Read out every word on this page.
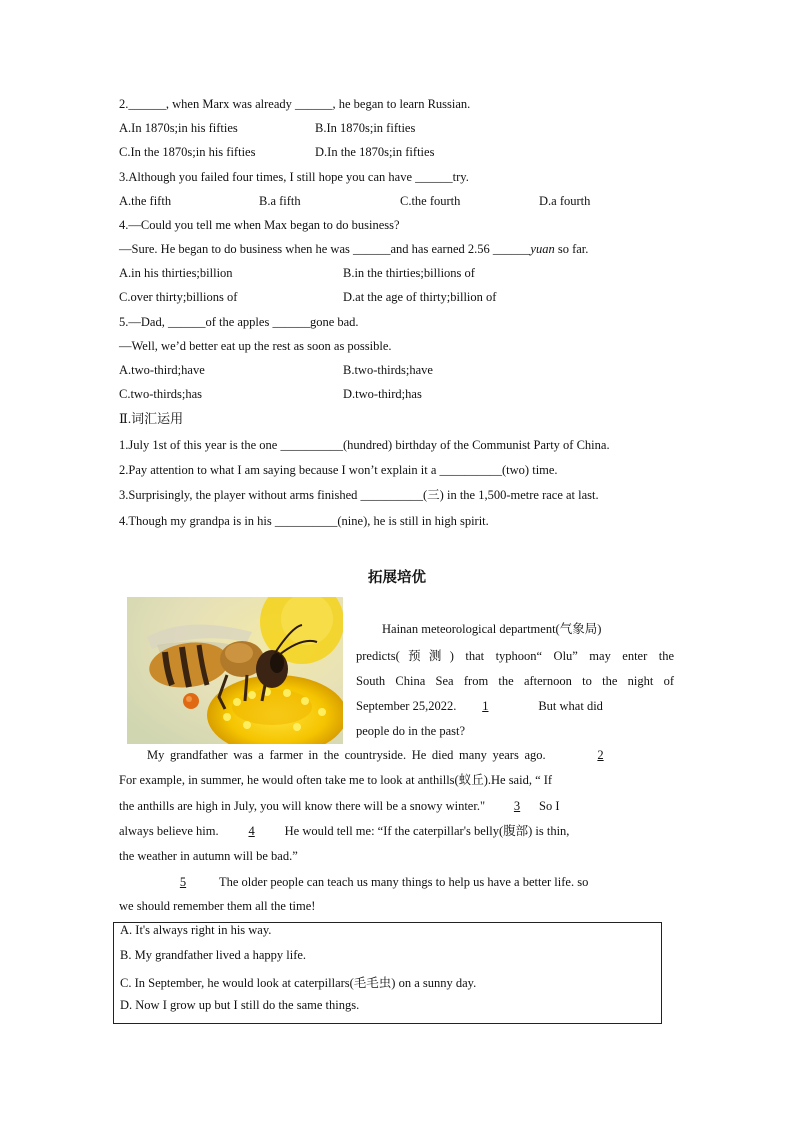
2.______, when Marx was already ______, he began to learn Russian.
A.In 1870s;in his fifties	B.In 1870s;in fifties
C.In the 1870s;in his fifties	D.In the 1870s;in fifties
3.Although you failed four times, I still hope you can have ______try.
A.the fifth	B.a fifth	C.the fourth	D.a fourth
4.—Could you tell me when Max began to do business?
—Sure. He began to do business when he was ______and has earned 2.56 ______yuan so far.
A.in his thirties;billion	B.in the thirties;billions of
C.over thirty;billions of	D.at the age of thirty;billion of
5.—Dad, ______of the apples ______gone bad.
—Well, we’d better eat up the rest as soon as possible.
A.two-third;have	B.two-thirds;have
C.two-thirds;has	D.two-third;has
Ⅱ.词汇运用
1.July 1st of this year is the one __________(hundred) birthday of the Communist Party of China.
2.Pay attention to what I am saying because I won’t explain it a __________(two) time.
3.Surprisingly, the player without arms finished __________(三) in the 1,500-metre race at last.
4.Though my grandpa is in his __________(nine), he is still in high spirit.
拓展培优
Hainan meteorological department(气象局)
predicts(预测) that typhoon“ Olu” may enter the
South China Sea from the afternoon to the night of
September 25,2022. 1	But what did
people do in the past?
My grandfather was a farmer in the countryside. He died many years ago.	2
For example, in summer, he would often take me to look at anthills(蚁丘).He said, “ If
the anthills are high in July, you will know there will be a snowy winter." 3 So I
always believe him. 4 He would tell me: “If the caterpillar's belly(腹部) is thin,
the weather in autumn will be bad.”
5	The older people can teach us many things to help us have a better life. so
we should remember them all the time!
A. It's always right in his way.
B. My grandfather lived a happy life.
C. In September, he would look at caterpillars(毛毛虫) on a sunny day.
D. Now I grow up but I still do the same things.
